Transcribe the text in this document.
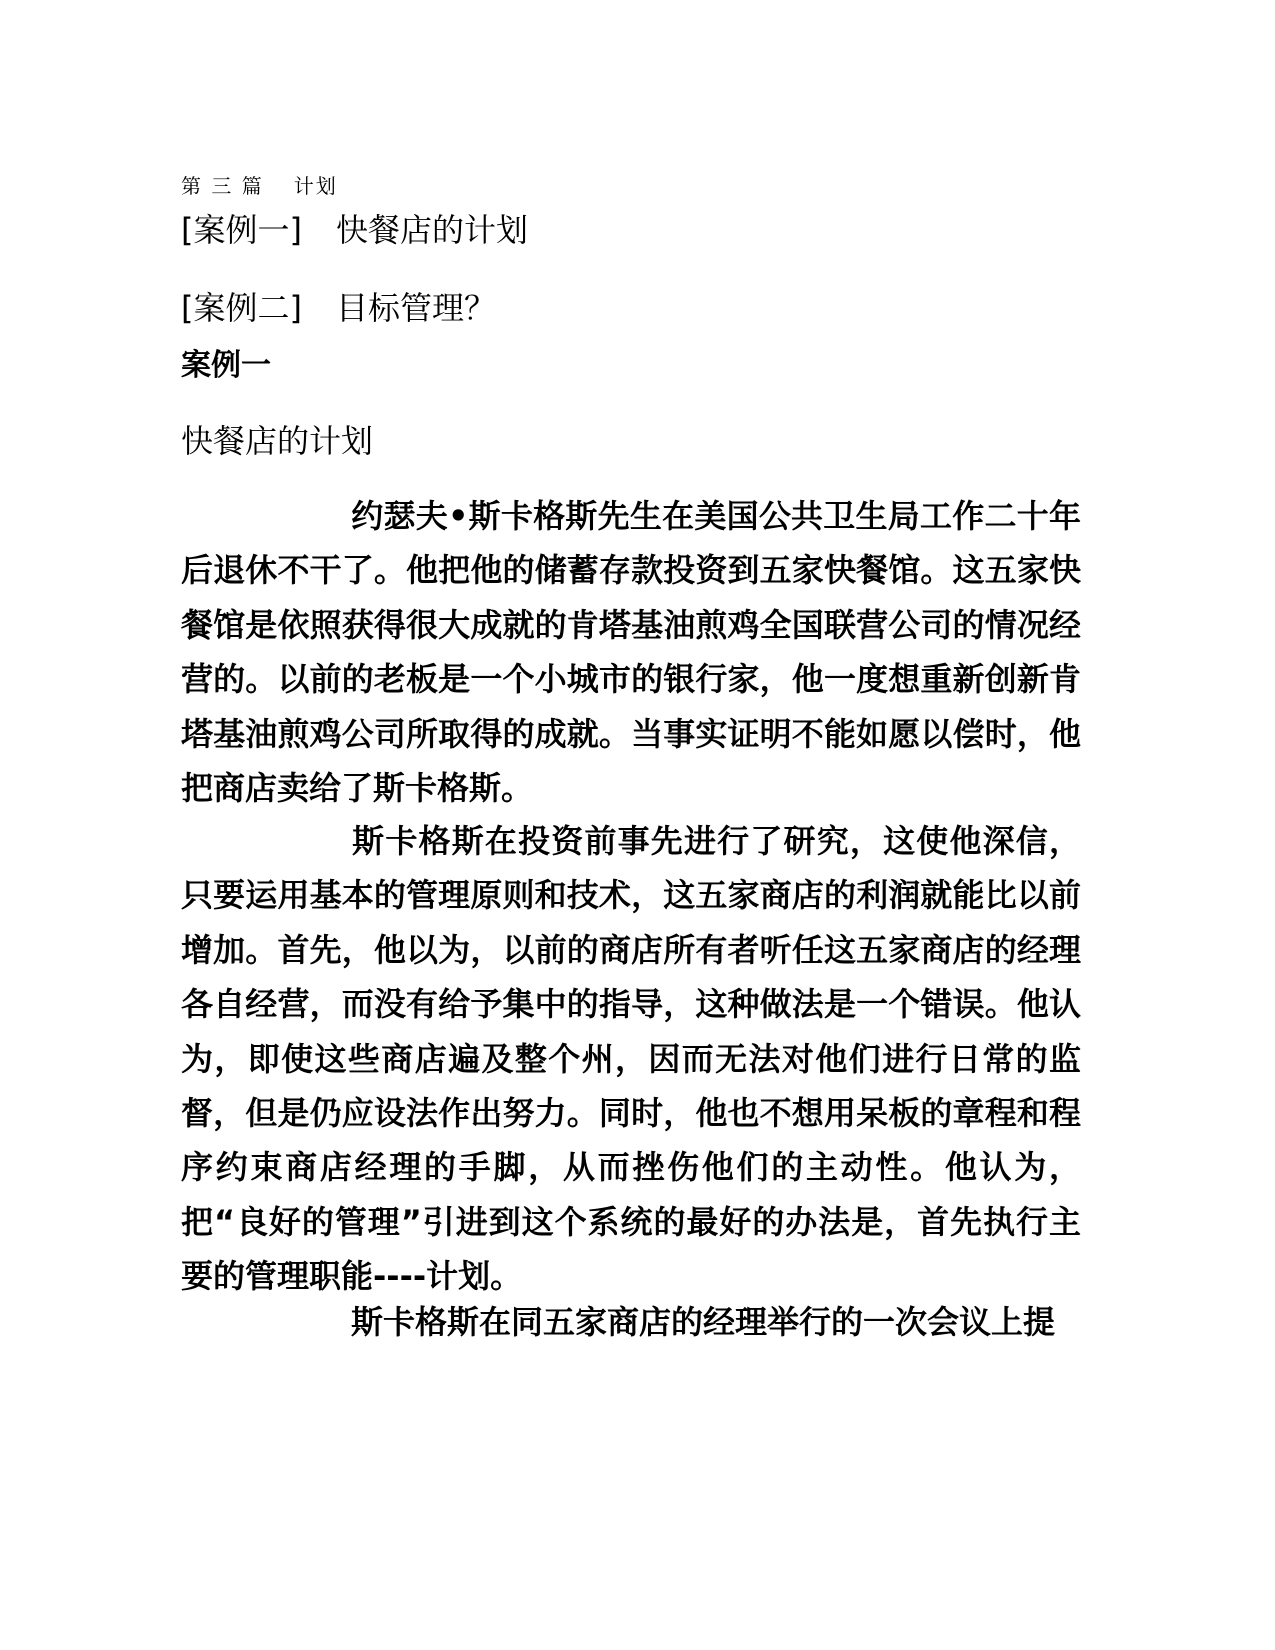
第 三 篇 计划
[案例一] 快餐店的计划
[案例二] 目标管理？
案例一
快餐店的计划

约瑟夫•斯卡格斯先生在美国公共卫生局工作二十年后退休不干了。他把他的储蓄存款投资到五家快餐馆。这五家快餐馆是依照获得很大成就的肯塔基油煎鸡全国联营公司的情况经营的。以前的老板是一个小城市的银行家，他一度想重新创新肯塔基油煎鸡公司所取得的成就。当事实证明不能如愿以偿时，他把商店卖给了斯卡格斯。

斯卡格斯在投资前事先进行了研究，这使他深信，只要运用基本的管理原则和技术，这五家商店的利润就能比以前增加。首先，他以为，以前的商店所有者听任这五家商店的经理各自经营，而没有给予集中的指导，这种做法是一个错误。他认为，即使这些商店遍及整个州，因而无法对他们进行日常的监督，但是仍应设法作出努力。同时，他也不想用呆板的章程和程序约束商店经理的手脚，从而挫伤他们的主动性。他认为，把“良好的管理”引进到这个系统的最好的办法是，首先执行主要的管理职能----计划。

斯卡格斯在同五家商店的经理举行的一次会议上提
